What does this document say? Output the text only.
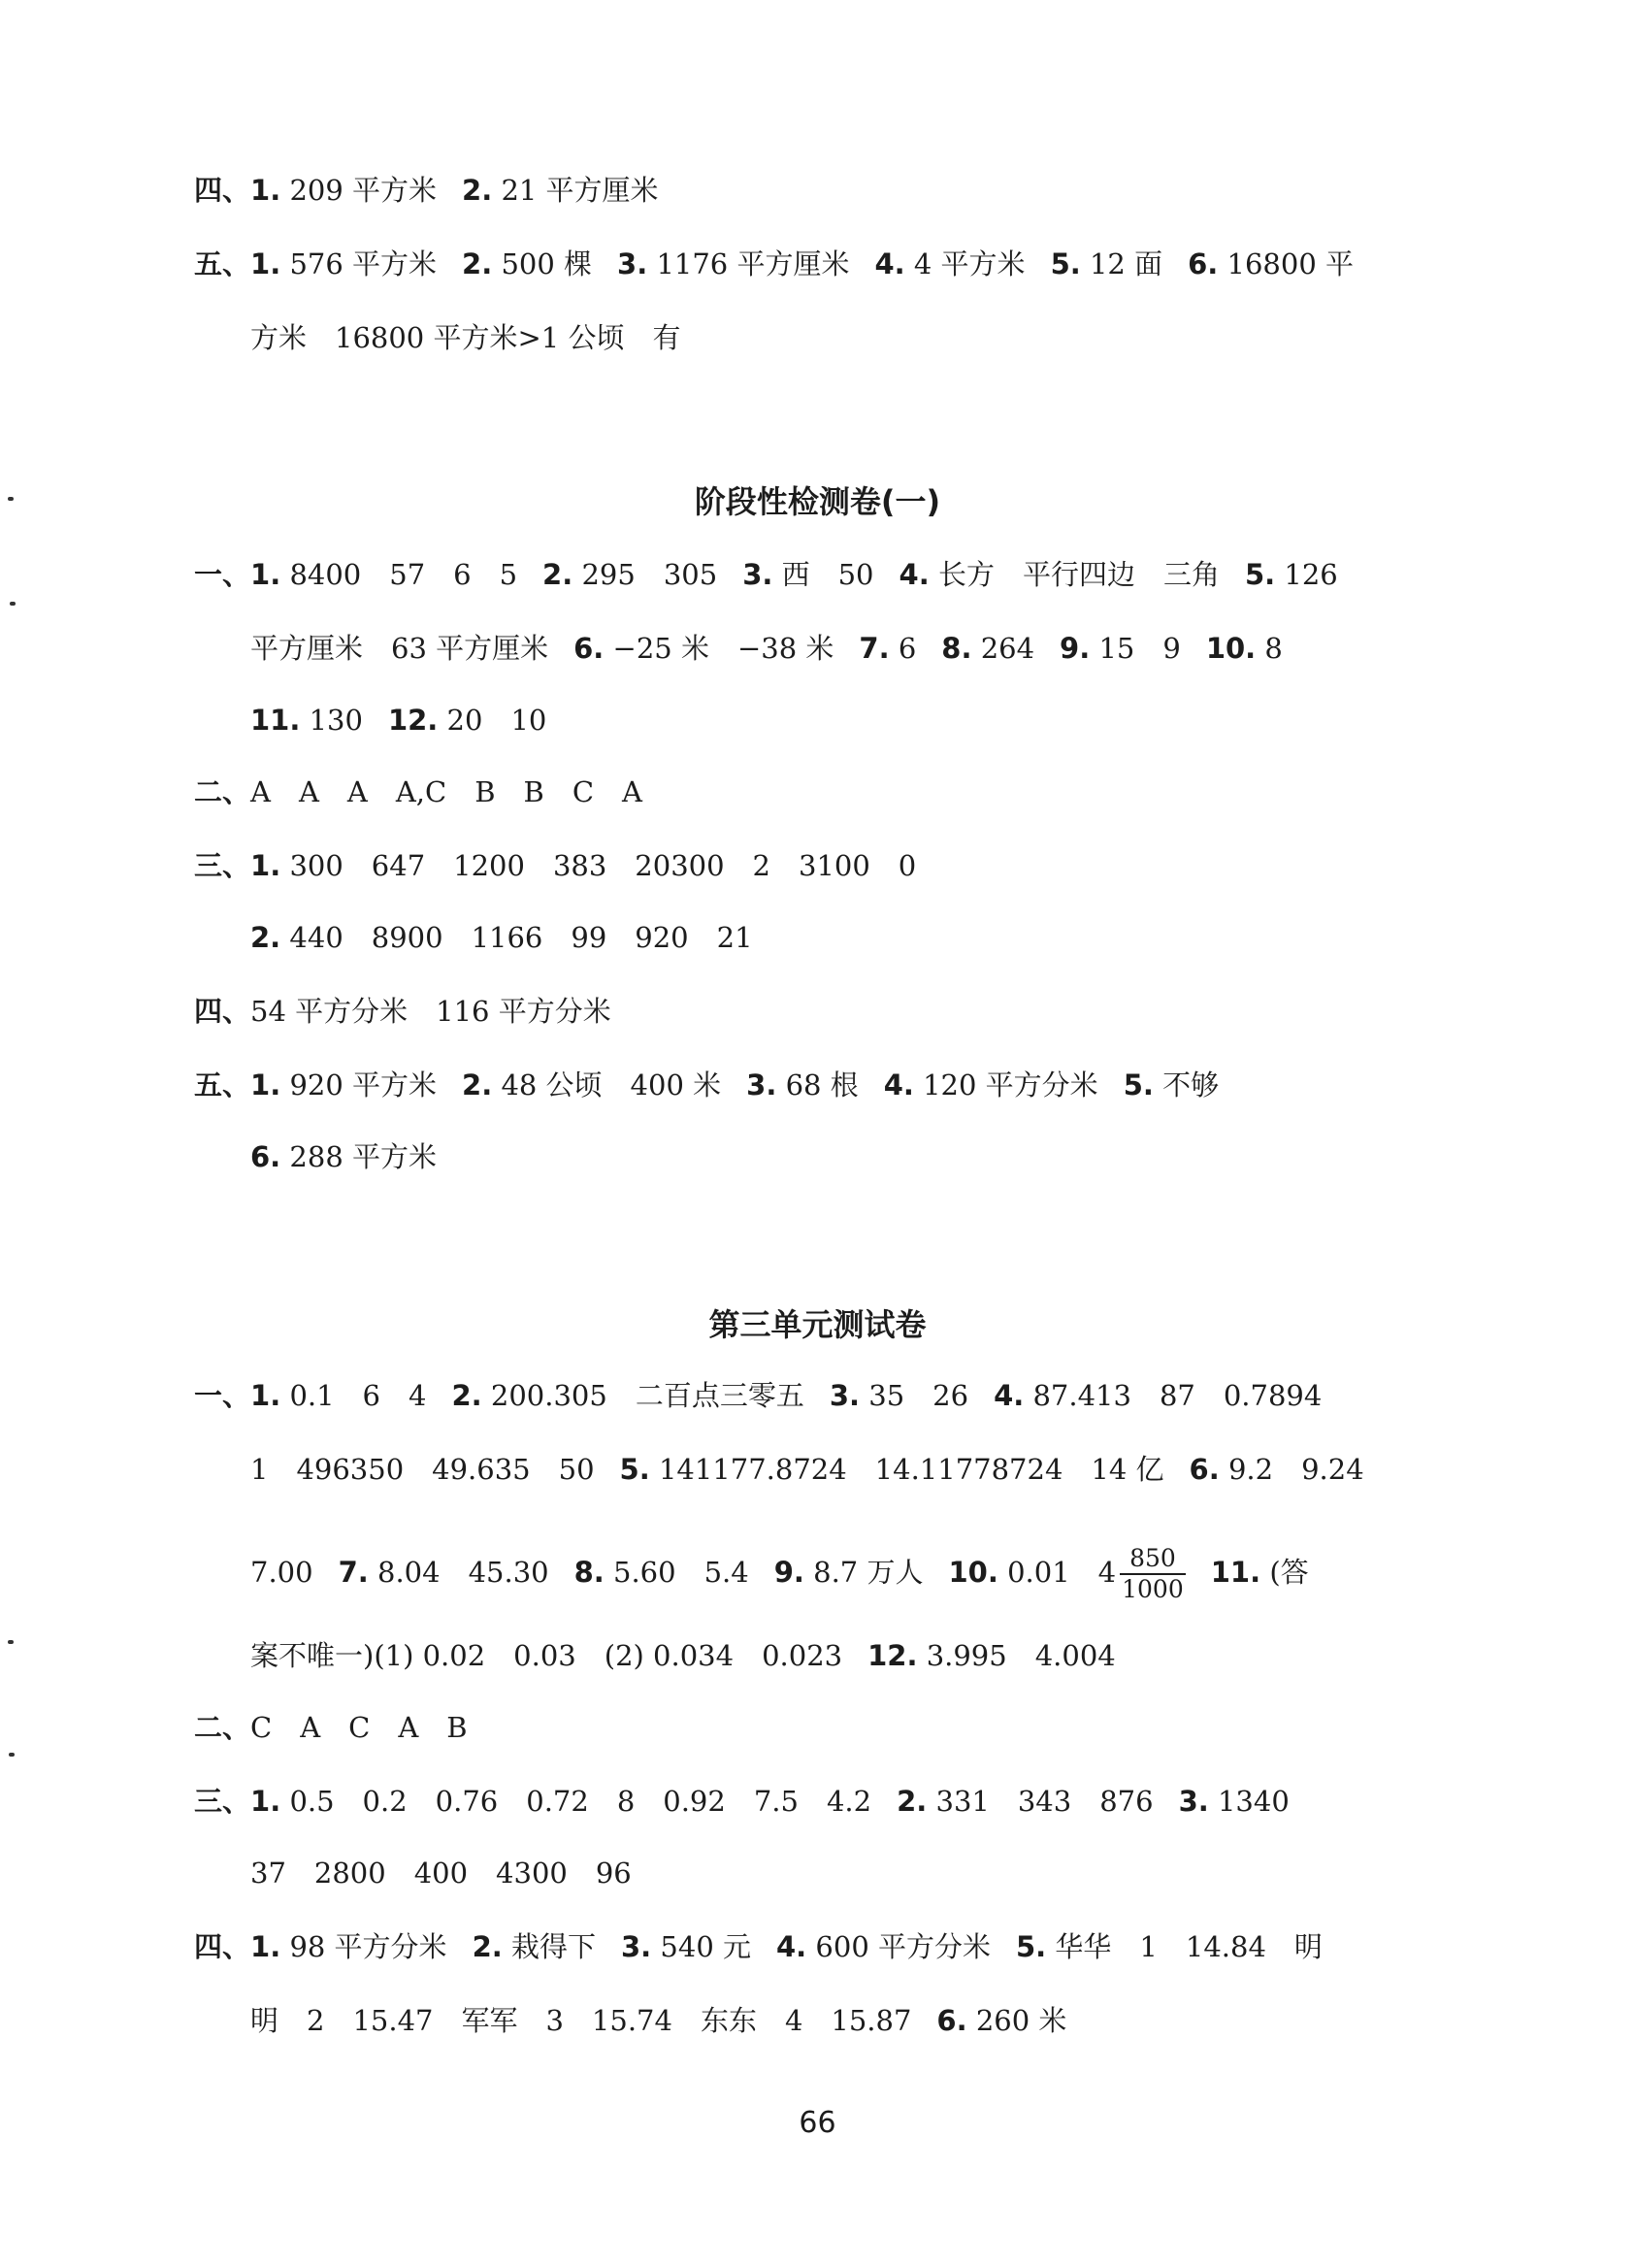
四、1. 209 平方米 2. 21 平方厘米
五、1. 576 平方米 2. 500 棵 3. 1176 平方厘米 4. 4 平方米 5. 12 面 6. 16800 平
方米　16800 平方米>1 公顷　有
阶段性检测卷(一)
一、1. 8400　57　6　5 2. 295　305 3. 西　50 4. 长方　平行四边　三角 5. 126
平方厘米　63 平方厘米 6. −25 米　−38 米 7. 6 8. 264 9. 15　9 10. 8
11. 130 12. 20　10
二、A　A　A　A,C　B　B　C　A
三、1. 300　647　1200　383　20300　2　3100　0
2. 440　8900　1166　99　920　21
四、54 平方分米　116 平方分米
五、1. 920 平方米 2. 48 公顷　400 米 3. 68 根 4. 120 平方分米 5. 不够
6. 288 平方米
第三单元测试卷
一、1. 0.1　6　4 2. 200.305　二百点三零五 3. 35　26 4. 87.413　87　0.7894
1　496350　49.635　50 5. 141177.8724　14.11778724　14 亿 6. 9.2　9.24
7.00 7. 8.04　45.30 8. 5.60　5.4 9. 8.7 万人 10. 0.01　$4 \frac{850}{1000} 11$. (答
案不唯一)(1) 0.02　0.03　(2) 0.034　0.023 12. 3.995　4.004
二、C　A　C　A　B
三、1. 0.5　0.2　0.76　0.72　8　0.92　7.5　4.2 2. 331　343　876 3. 1340
37　2800　400　4300　96
四、1. 98 平方分米 2. 栽得下 3. 540 元 4. 600 平方分米 5. 华华　1　14.84　明
明　2　15.47　军军　3　15.74　东东　4　15.87 6. 260 米
66
